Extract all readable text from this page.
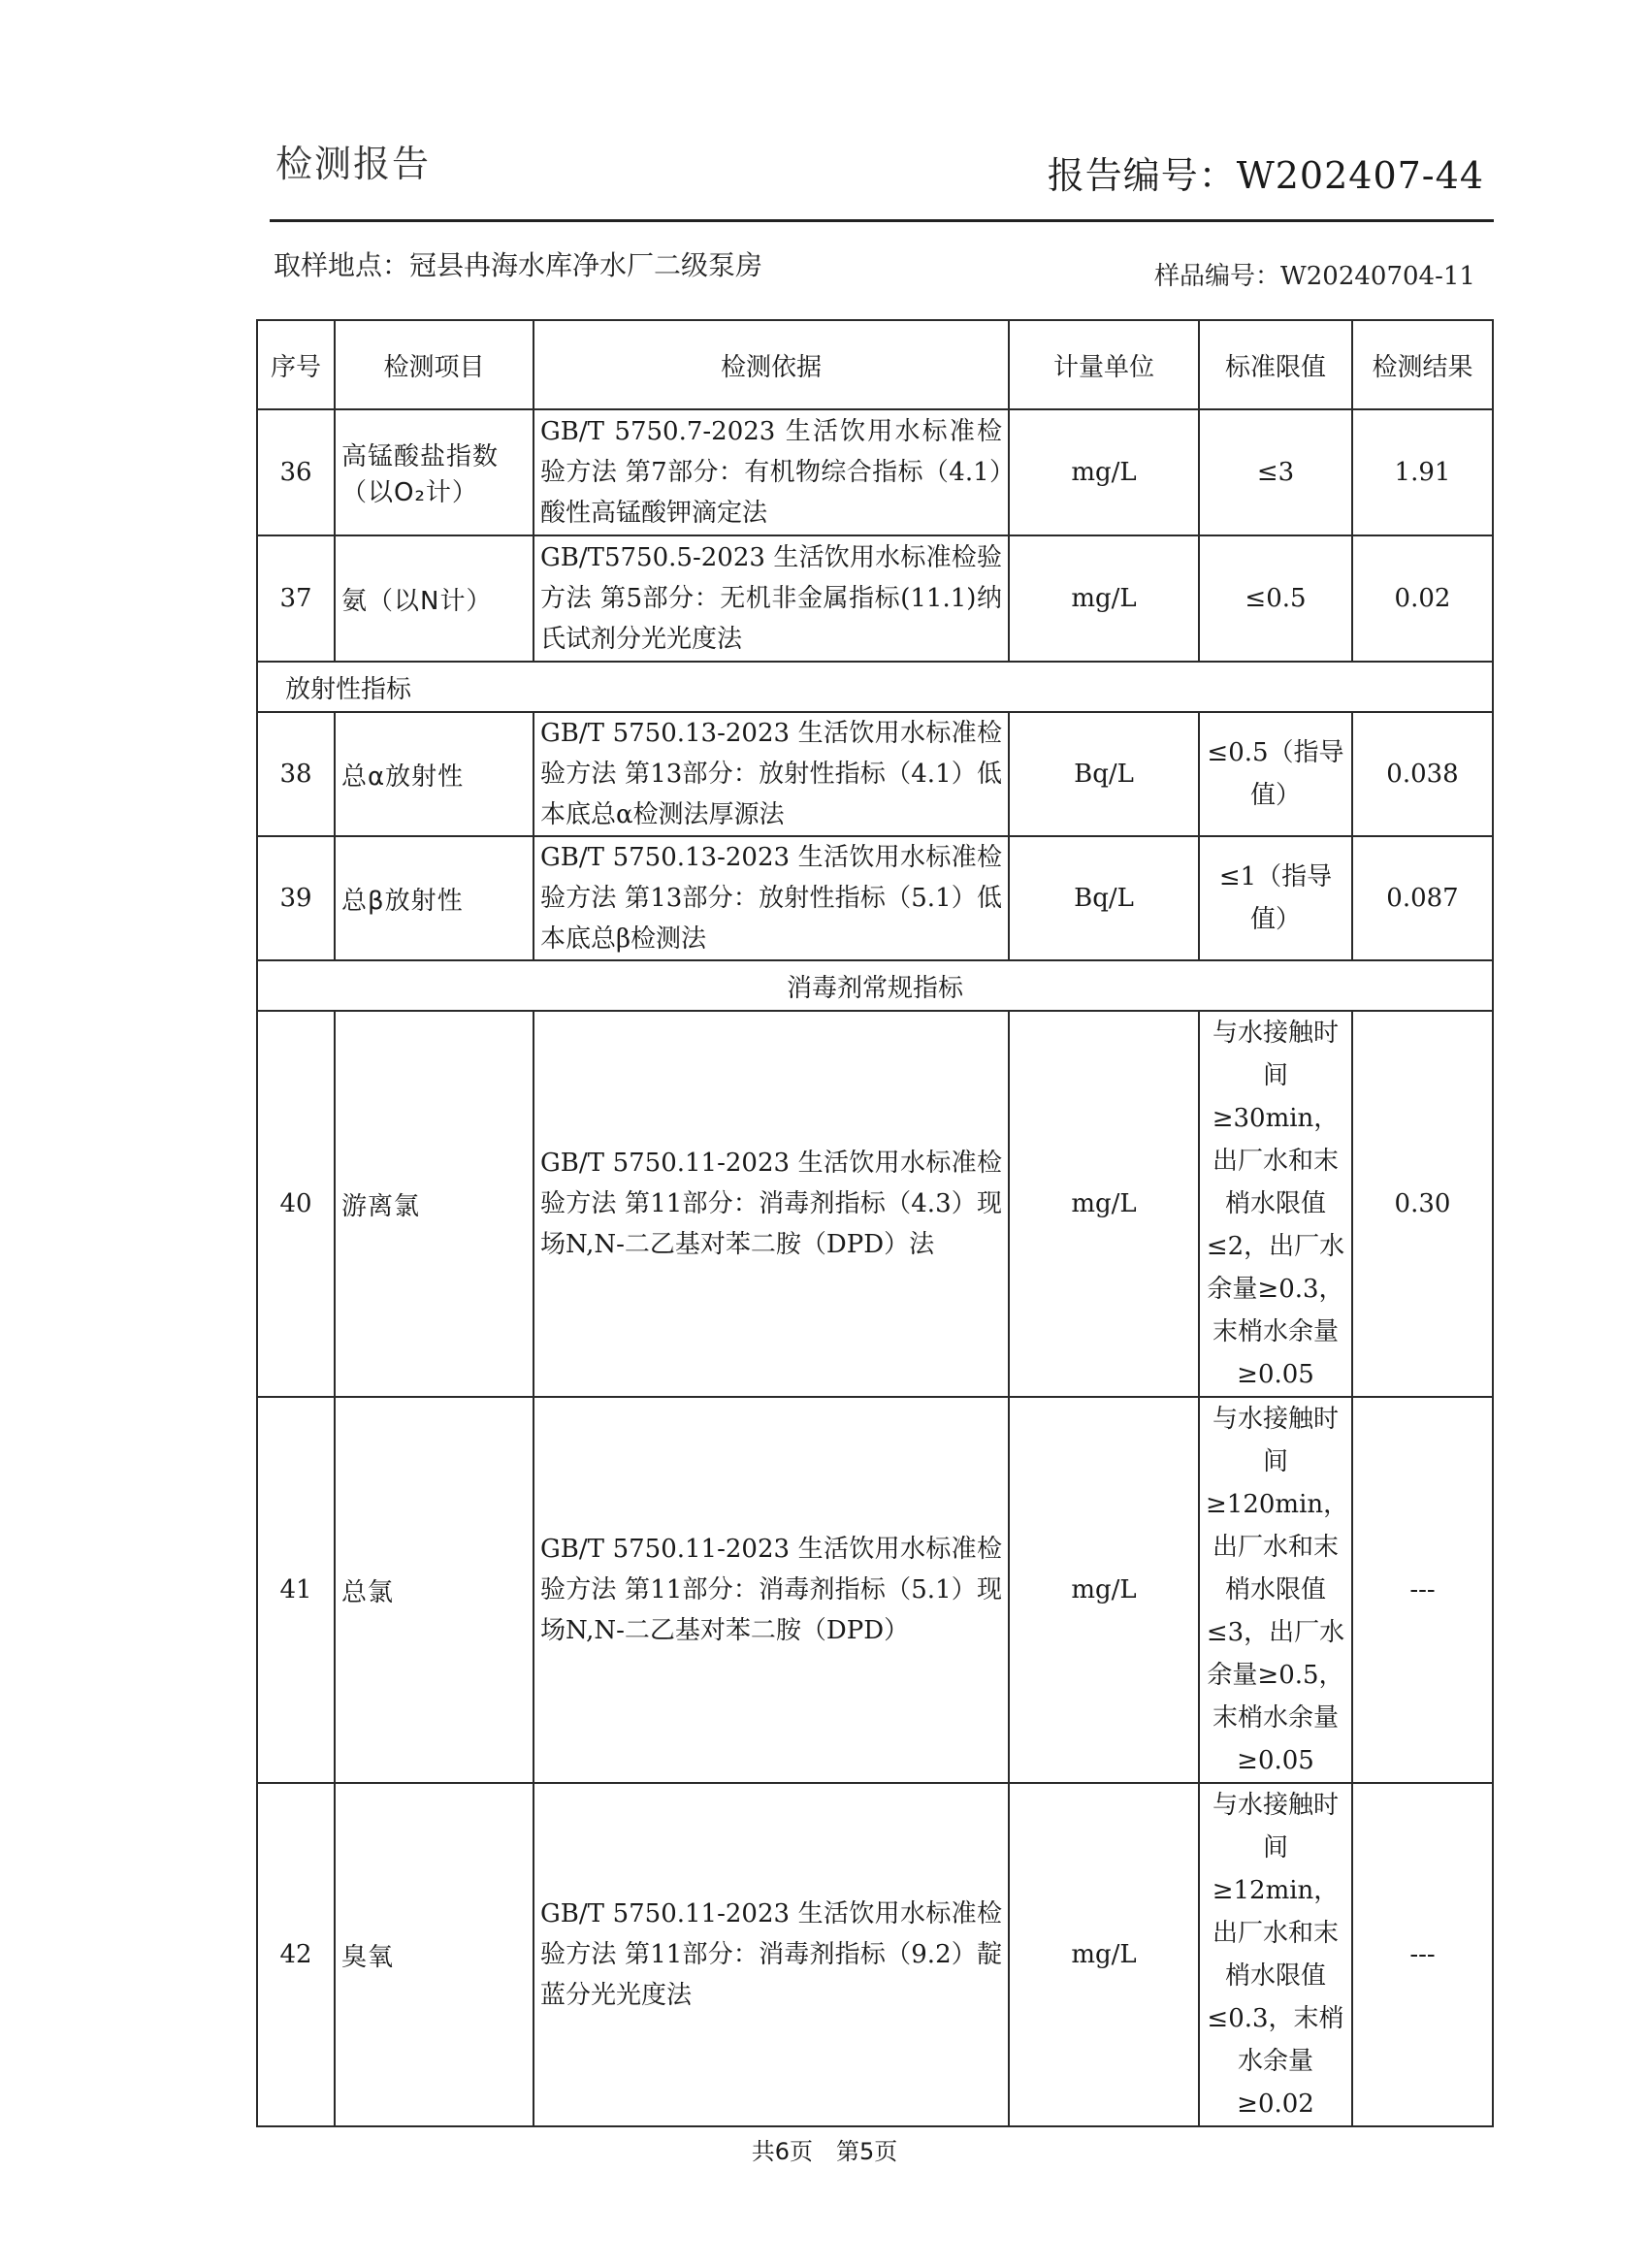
检测报告	报告编号：W202407-44
取样地点：冠县冉海水库净水厂二级泵房	样品编号：W20240704-11
序号	检测项目	检测依据	计量单位	标准限值	检测结果
36	高锰酸盐指数（以O₂计）	GB/T 5750.7-2023 生活饮用水标准检验方法 第7部分：有机物综合指标（4.1）酸性高锰酸钾滴定法	mg/L	≤3	1.91
37	氨（以N计）	GB/T5750.5-2023 生活饮用水标准检验方法 第5部分：无机非金属指标(11.1)纳氏试剂分光光度法	mg/L	≤0.5	0.02
放射性指标					
38	总α放射性	GB/T 5750.13-2023 生活饮用水标准检验方法 第13部分：放射性指标（4.1）低本底总α检测法厚源法	Bq/L	≤0.5（指导值）	0.038
39	总β放射性	GB/T 5750.13-2023 生活饮用水标准检验方法 第13部分：放射性指标（5.1）低本底总β检测法	Bq/L	≤1（指导值）	0.087
消毒剂常规指标					
40	游离氯	GB/T 5750.11-2023 生活饮用水标准检验方法 第11部分：消毒剂指标（4.3）现场N,N-二乙基对苯二胺（DPD）法	mg/L	与水接触时间≥30min，出厂水和末梢水限值≤2，出厂水余量≥0.3，末梢水余量≥0.05	0.30
41	总氯	GB/T 5750.11-2023 生活饮用水标准检验方法 第11部分：消毒剂指标（5.1）现场N,N-二乙基对苯二胺（DPD）	mg/L	与水接触时间≥120min，出厂水和末梢水限值≤3，出厂水余量≥0.5，末梢水余量≥0.05	---
42	臭氧	GB/T 5750.11-2023 生活饮用水标准检验方法 第11部分：消毒剂指标（9.2）靛蓝分光光度法	mg/L	与水接触时间≥12min，出厂水和末梢水限值≤0.3，末梢水余量≥0.02	---
共6页 第5页
